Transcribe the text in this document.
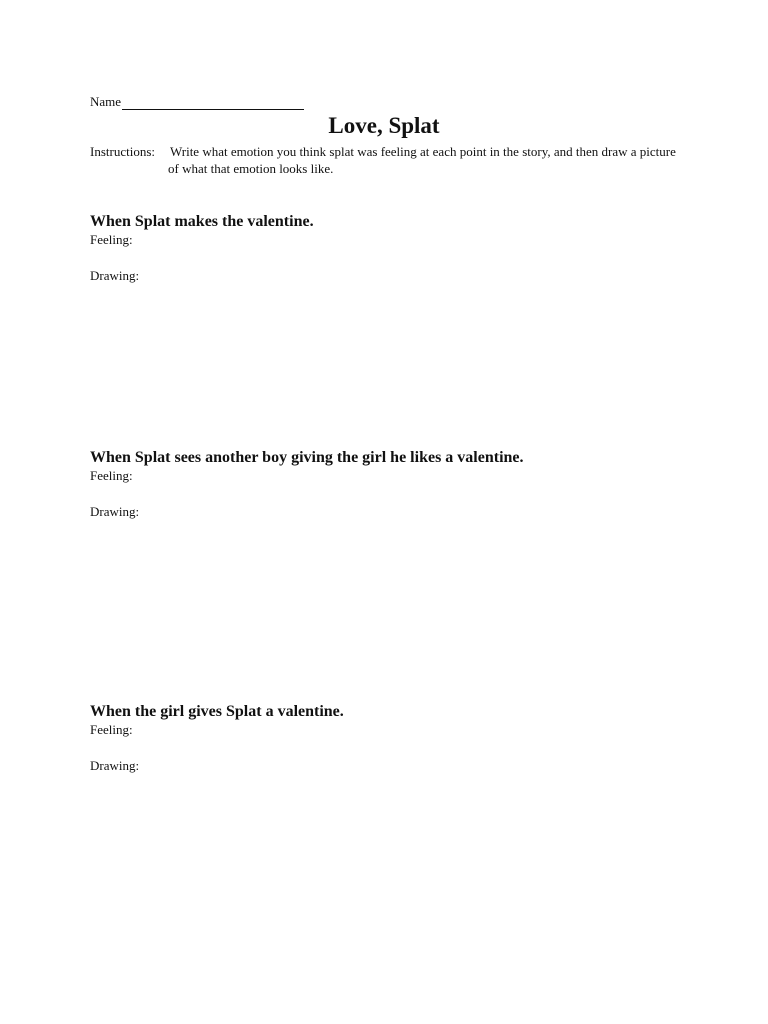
Name
Love, Splat
Instructions: Write what emotion you think splat was feeling at each point in the story, and then draw a picture of what that emotion looks like.

When Splat makes the valentine.

Feeling:

Drawing:

When Splat sees another boy giving the girl he likes a valentine.

Feeling:

Drawing:

When the girl gives Splat a valentine.

Feeling:

Drawing:
